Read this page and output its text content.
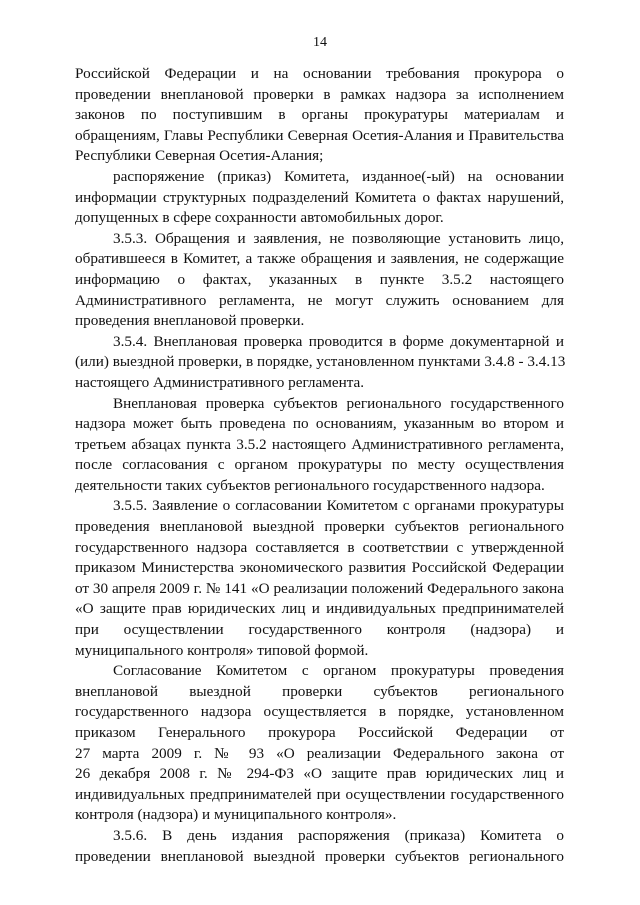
14
Российской Федерации и на основании требования прокурора о
проведении внеплановой проверки в рамках надзора за исполнением
законов по поступившим в органы прокуратуры материалам и
обращениям, Главы Республики Северная Осетия-Алания и Правительства
Республики Северная Осетия-Алания;
распоряжение (приказ) Комитета, изданное(-ый) на основании
информации структурных подразделений Комитета о фактах нарушений,
допущенных в сфере сохранности автомобильных дорог.
3.5.3. Обращения и заявления, не позволяющие установить лицо,
обратившееся в Комитет, а также обращения и заявления, не содержащие
информацию о фактах, указанных в пункте 3.5.2 настоящего
Административного регламента, не могут служить основанием для
проведения внеплановой проверки.
3.5.4. Внеплановая проверка проводится в форме документарной и
(или) выездной проверки, в порядке, установленном пунктами 3.4.8 - 3.4.13
настоящего Административного регламента.
Внеплановая проверка субъектов регионального государственного
надзора может быть проведена по основаниям, указанным во втором и
третьем абзацах пункта 3.5.2 настоящего Административного регламента,
после согласования с органом прокуратуры по месту осуществления
деятельности таких субъектов регионального государственного надзора.
3.5.5. Заявление о согласовании Комитетом с органами прокуратуры
проведения внеплановой выездной проверки субъектов регионального
государственного надзора составляется в соответствии с утвержденной
приказом Министерства экономического развития Российской Федерации
от 30 апреля 2009 г. № 141 «О реализации положений Федерального закона
«О защите прав юридических лиц и индивидуальных предпринимателей
при осуществлении государственного контроля (надзора) и
муниципального контроля» типовой формой.
Согласование Комитетом с органом прокуратуры проведения
внеплановой выездной проверки субъектов регионального
государственного надзора осуществляется в порядке, установленном
приказом Генерального прокурора Российской Федерации от
27 марта 2009 г. № 93 «О реализации Федерального закона от
26 декабря 2008 г. № 294-ФЗ «О защите прав юридических лиц и
индивидуальных предпринимателей при осуществлении государственного
контроля (надзора) и муниципального контроля».
3.5.6. В день издания распоряжения (приказа) Комитета о
проведении внеплановой выездной проверки субъектов регионального
